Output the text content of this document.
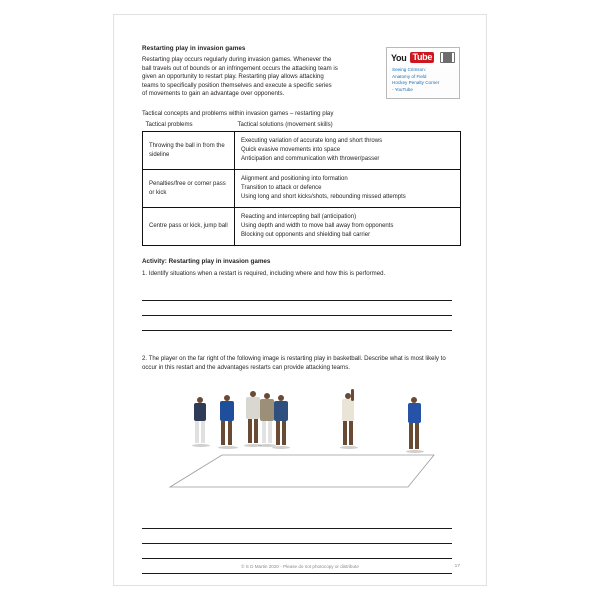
You Tube
Seeing Crimson:
Anatomy of Field
Hockey Penalty Corner
- YouTube
Restarting play in invasion games

Restarting play occurs regularly during invasion games. Whenever the ball travels out of bounds or an infringement occurs the attacking team is given an opportunity to restart play. Restarting play allows attacking teams to specifically position themselves and execute a specific series of movements to gain an advantage over opponents.

Tactical concepts and problems within invasion games – restarting play
Tactical problems	Tactical solutions (movement skills)
Throwing the ball in from the sideline	Executing variation of accurate long and short throws
Quick evasive movements into space
Anticipation and communication with thrower/passer

Penalties/free or corner pass or kick	Alignment and positioning into formation
Transition to attack or defence
Using long and short kicks/shots, rebounding missed attempts

Centre pass or kick, jump ball	Reacting and intercepting ball (anticipation)
Using depth and width to move ball away from opponents
Blocking out opponents and shielding ball carrier
Activity: Restarting play in invasion games

1. Identify situations when a restart is required, including where and how this is performed.

2. The player on the far right of the following image is restarting play in basketball. Describe what is most likely to occur in this restart and the advantages restarts can provide attacking teams.

© S D Martin 2020 - Please do not photocopy or distribute	17
